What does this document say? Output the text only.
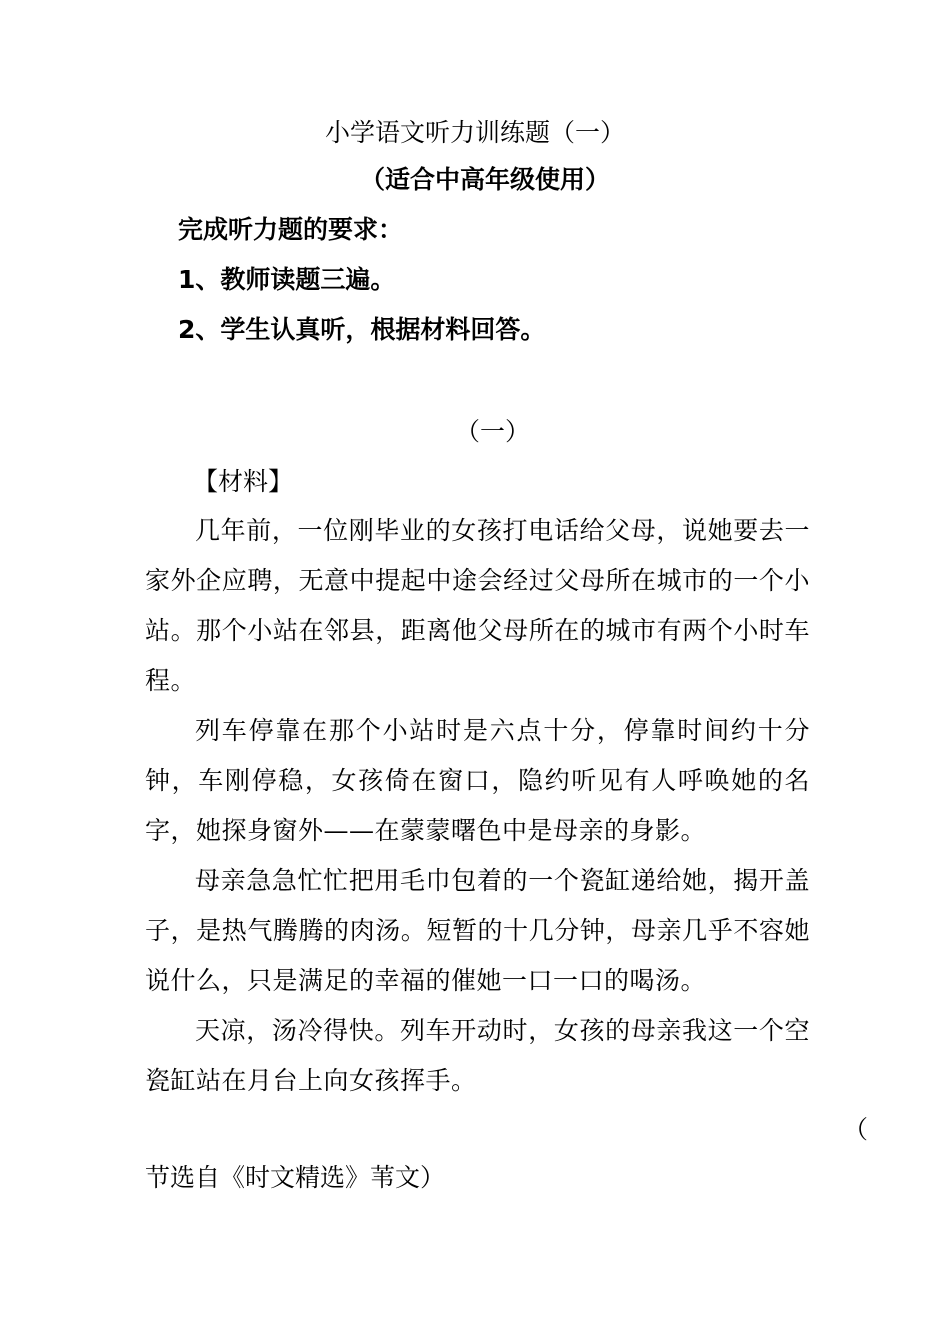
小学语文听力训练题（一）
（适合中高年级使用）
完成听力题的要求：
1、教师读题三遍。
2、学生认真听，根据材料回答。
（一）
【材料】
几年前，一位刚毕业的女孩打电话给父母，说她要去一家外企应聘，无意中提起中途会经过父母所在城市的一个小站。那个小站在邻县，距离他父母所在的城市有两个小时车程。
列车停靠在那个小站时是六点十分，停靠时间约十分钟，车刚停稳，女孩倚在窗口，隐约听见有人呼唤她的名字，她探身窗外——在蒙蒙曙色中是母亲的身影。
母亲急急忙忙把用毛巾包着的一个瓷缸递给她，揭开盖子，是热气腾腾的肉汤。短暂的十几分钟，母亲几乎不容她说什么，只是满足的幸福的催她一口一口的喝汤。
天凉，汤冷得快。列车开动时，女孩的母亲我这一个空瓷缸站在月台上向女孩挥手。
（
节选自《时文精选》苇文）
